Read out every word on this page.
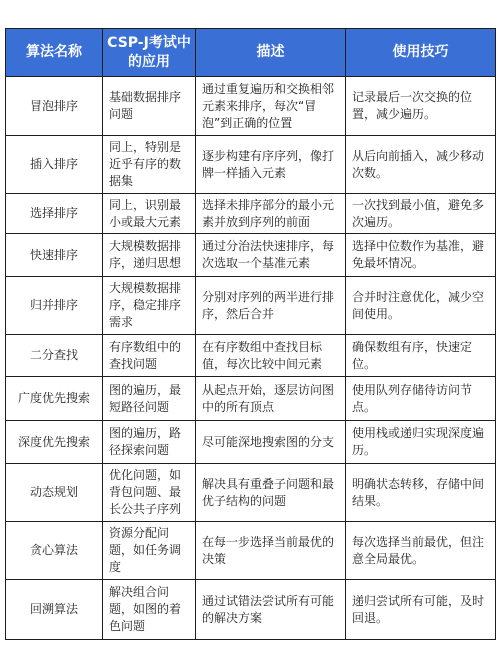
算法名称	CSP-J考试中的应用	描述	使用技巧
冒泡排序	基础数据排序问题	通过重复遍历和交换相邻元素来排序，每次“冒泡”到正确的位置	记录最后一次交换的位置，减少遍历。
插入排序	同上，特别是近乎有序的数据集	逐步构建有序序列，像打牌一样插入元素	从后向前插入，减少移动次数。
选择排序	同上，识别最小或最大元素	选择未排序部分的最小元素并放到序列的前面	一次找到最小值，避免多次遍历。
快速排序	大规模数据排序，递归思想	通过分治法快速排序，每次选取一个基准元素	选择中位数作为基准，避免最坏情况。
归并排序	大规模数据排序，稳定排序需求	分别对序列的两半进行排序，然后合并	合并时注意优化，减少空间使用。
二分查找	有序数组中的查找问题	在有序数组中查找目标值，每次比较中间元素	确保数组有序，快速定位。
广度优先搜索	图的遍历，最短路径问题	从起点开始，逐层访问图中的所有顶点	使用队列存储待访问节点。
深度优先搜索	图的遍历，路径探索问题	尽可能深地搜索图的分支	使用栈或递归实现深度遍历。
动态规划	优化问题，如背包问题、最长公共子序列	解决具有重叠子问题和最优子结构的问题	明确状态转移，存储中间结果。
贪心算法	资源分配问题，如任务调度	在每一步选择当前最优的决策	每次选择当前最优，但注意全局最优。
回溯算法	解决组合问题，如图的着色问题	通过试错法尝试所有可能的解决方案	递归尝试所有可能，及时回退。
